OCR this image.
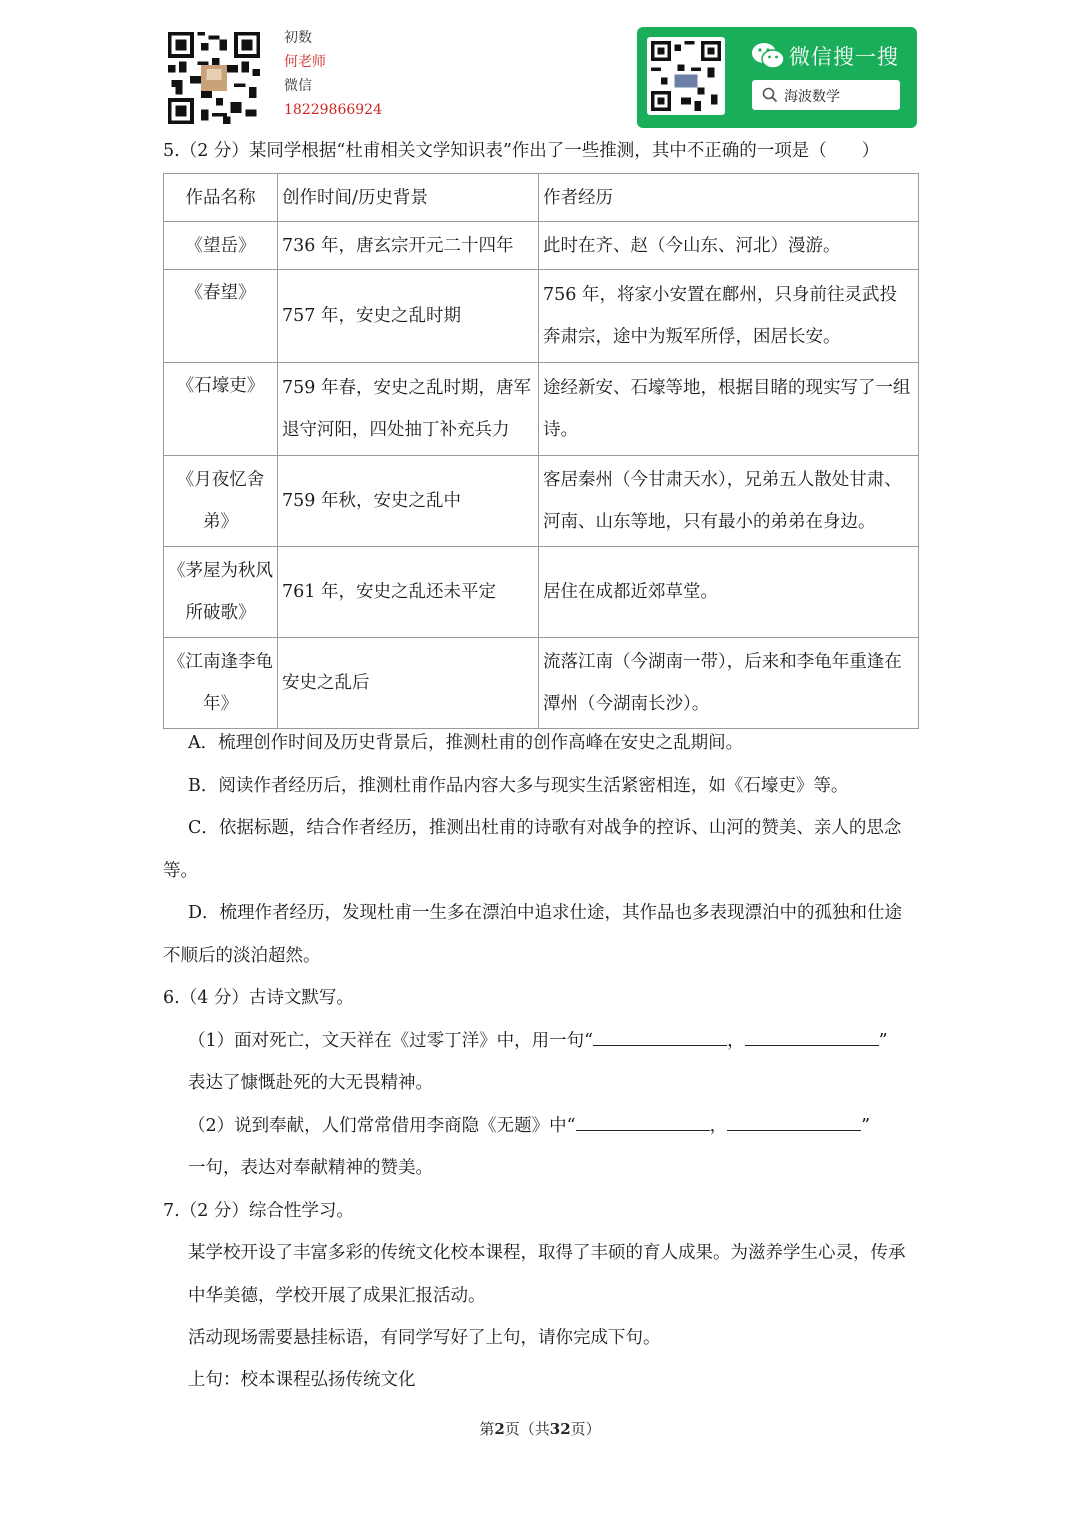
初数
何老师
微信
18229866924
微信搜一搜
海波数学
5.（2 分）某同学根据“杜甫相关文学知识表”作出了一些推测，其中不正确的一项是（　　）
作品名称	创作时间/历史背景	作者经历
《望岳》	736 年，唐玄宗开元二十四年	此时在齐、赵（今山东、河北）漫游。
《春望》	757 年，安史之乱时期	756 年，将家小安置在鄜州，只身前往灵武投奔肃宗，途中为叛军所俘，困居长安。
《石壕吏》	759 年春，安史之乱时期，唐军退守河阳，四处抽丁补充兵力	途经新安、石壕等地，根据目睹的现实写了一组诗。
《月夜忆舍弟》	759 年秋，安史之乱中	客居秦州（今甘肃天水），兄弟五人散处甘肃、河南、山东等地，只有最小的弟弟在身边。
《茅屋为秋风所破歌》	761 年，安史之乱还未平定	居住在成都近郊草堂。
《江南逢李龟年》	安史之乱后	流落江南（今湖南一带），后来和李龟年重逢在潭州（今湖南长沙）。
A．梳理创作时间及历史背景后，推测杜甫的创作高峰在安史之乱期间。
B．阅读作者经历后，推测杜甫作品内容大多与现实生活紧密相连，如《石壕吏》等。
C．依据标题，结合作者经历，推测出杜甫的诗歌有对战争的控诉、山河的赞美、亲人的思念等。
D．梳理作者经历，发现杜甫一生多在漂泊中追求仕途，其作品也多表现漂泊中的孤独和仕途不顺后的淡泊超然。
6.（4 分）古诗文默写。
（1）面对死亡，文天祥在《过零丁洋》中，用一句“	，	”
表达了慷慨赴死的大无畏精神。
（2）说到奉献，人们常常借用李商隐《无题》中“	，	”
一句，表达对奉献精神的赞美。
7.（2 分）综合性学习。
某学校开设了丰富多彩的传统文化校本课程，取得了丰硕的育人成果。为滋养学生心灵，传承中华美德，学校开展了成果汇报活动。
活动现场需要悬挂标语，有同学写好了上句，请你完成下句。
上句：校本课程弘扬传统文化
第2页（共32页）
